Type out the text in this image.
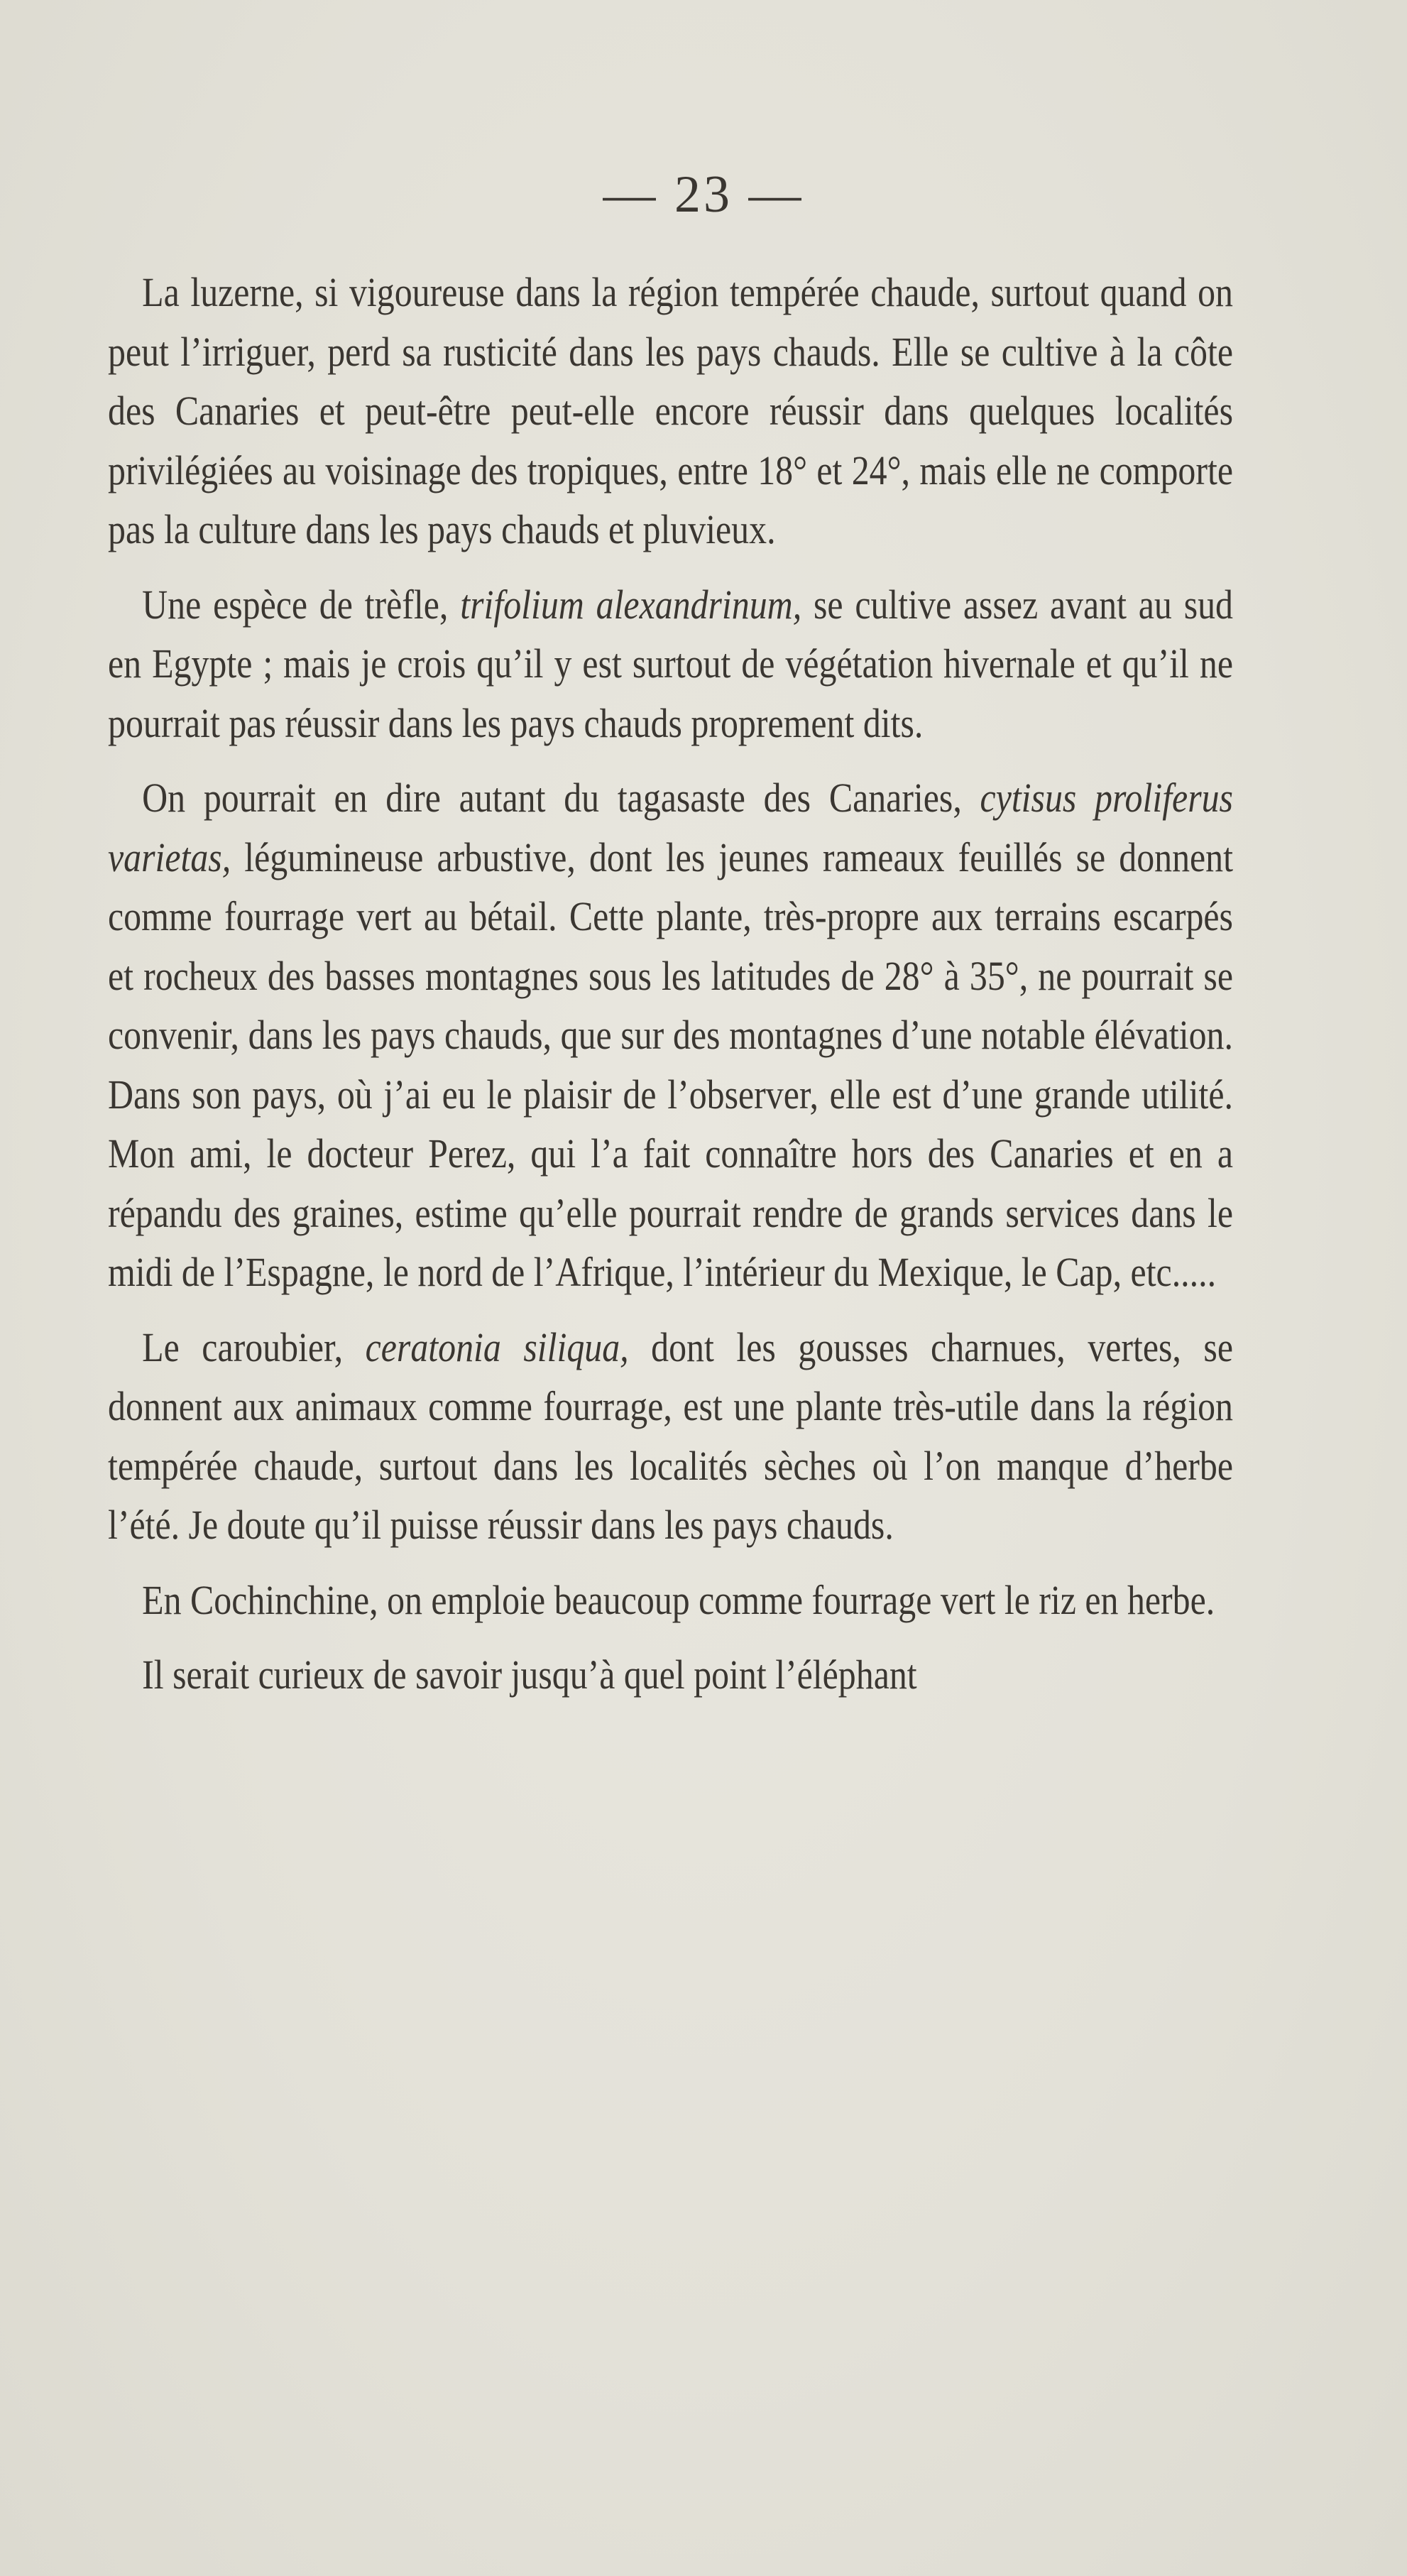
— 23 —

La luzerne, si vigoureuse dans la région tempérée chaude, surtout quand on peut l’irriguer, perd sa rusticité dans les pays chauds. Elle se cultive à la côte des Canaries et peut-être peut-elle encore réussir dans quelques localités privilégiées au voisinage des tropiques, entre 18° et 24°, mais elle ne comporte pas la culture dans les pays chauds et pluvieux.

Une espèce de trèfle, trifolium alexandrinum, se cultive assez avant au sud en Egypte ; mais je crois qu’il y est surtout de végétation hivernale et qu’il ne pourrait pas réussir dans les pays chauds proprement dits.

On pourrait en dire autant du tagasaste des Canaries, cytisus proliferus varietas, légumineuse arbustive, dont les jeunes rameaux feuillés se donnent comme fourrage vert au bétail. Cette plante, très-propre aux terrains escarpés et rocheux des basses montagnes sous les latitudes de 28° à 35°, ne pourrait se convenir, dans les pays chauds, que sur des montagnes d’une notable élévation. Dans son pays, où j’ai eu le plaisir de l’observer, elle est d’une grande utilité. Mon ami, le docteur Perez, qui l’a fait connaître hors des Canaries et en a répandu des graines, estime qu’elle pourrait rendre de grands services dans le midi de l’Espagne, le nord de l’Afrique, l’intérieur du Mexique, le Cap, etc.....

Le caroubier, ceratonia siliqua, dont les gousses charnues, vertes, se donnent aux animaux comme fourrage, est une plante très-utile dans la région tempérée chaude, surtout dans les localités sèches où l’on manque d’herbe l’été. Je doute qu’il puisse réussir dans les pays chauds.

En Cochinchine, on emploie beaucoup comme fourrage vert le riz en herbe.

Il serait curieux de savoir jusqu’à quel point l’éléphant
